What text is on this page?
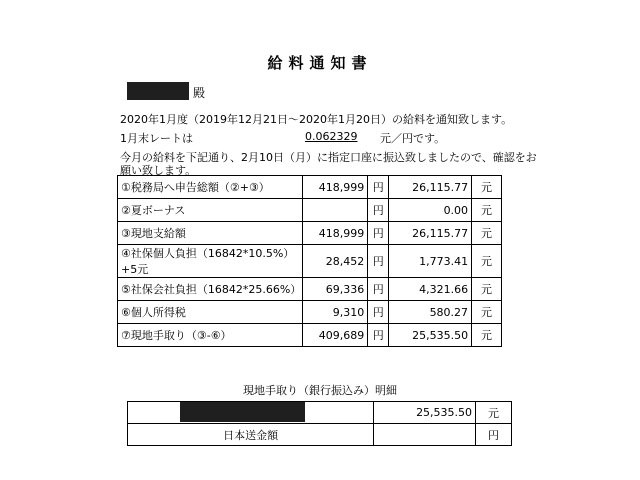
給料通知書
殿
2020年1月度（2019年12月21日～2020年1月20日）の給料を通知致します。
1月末レートは	0.062329 元／円です。
今月の給料を下記通り、2月10日（月）に指定口座に振込致しましたので、確認をお
願い致します。
①税務局へ申告総額（②+③）	418,999	円	26,115.77	元
②夏ボーナス		円	0.00	元
③現地支給額	418,999	円	26,115.77	元
④社保個人負担（16842*10.5%）+5元	28,452	円	1,773.41	元
⑤社保会社負担（16842*25.66%）	69,336	円	4,321.66	元
⑥個人所得税	9,310	円	580.27	元
⑦現地手取り（③-⑥）	409,689	円	25,535.50	元
現地手取り（銀行振込み）明細
	25,535.50	元
日本送金額		円
